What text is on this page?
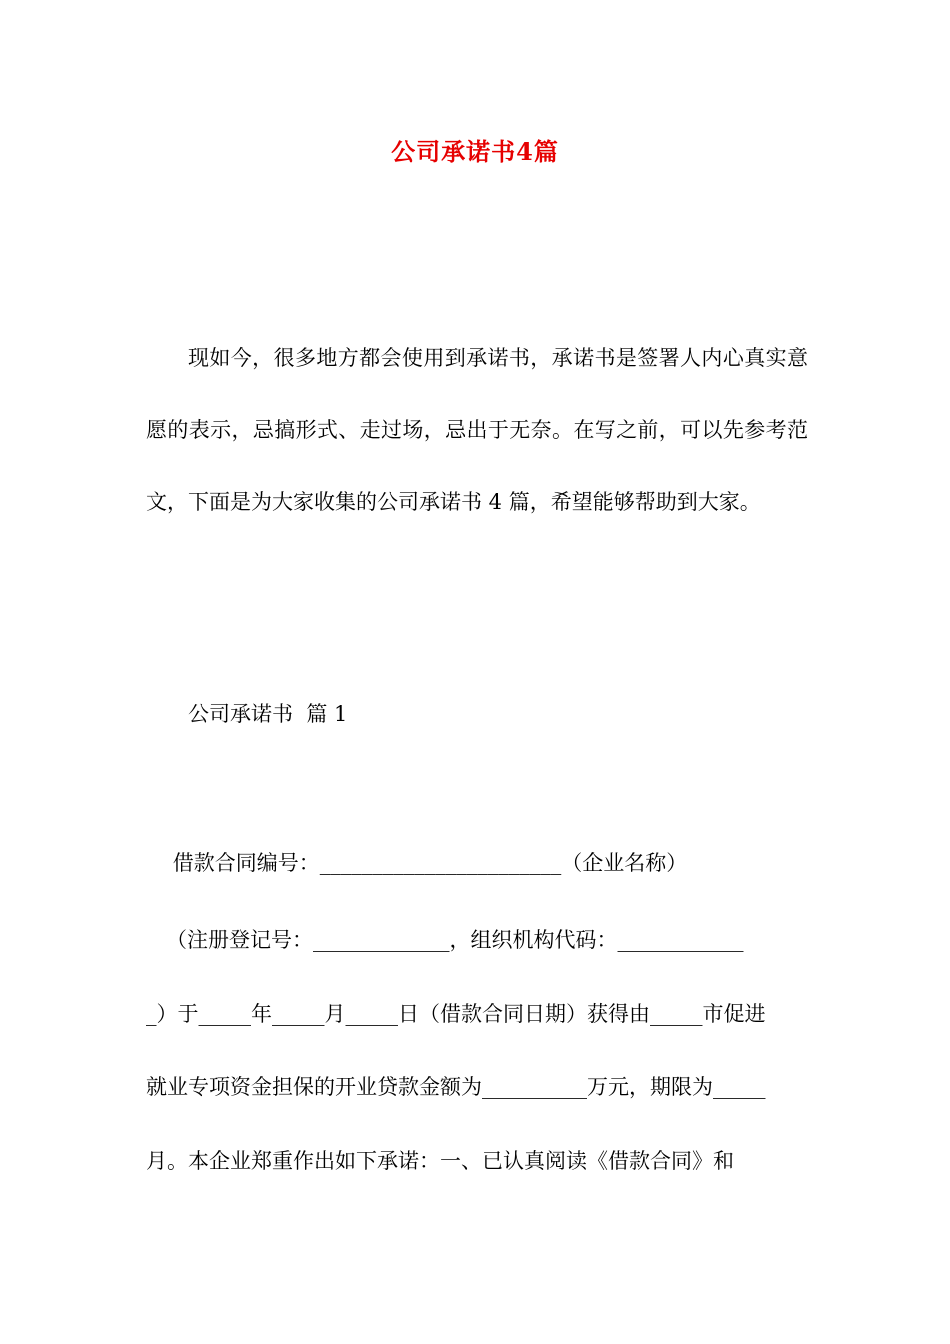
公司承诺书4篇
现如今，很多地方都会使用到承诺书，承诺书是签署人内心真实意愿的表示，忌搞形式、走过场，忌出于无奈。在写之前，可以先参考范文，下面是为大家收集的公司承诺书 4 篇，希望能够帮助到大家。
公司承诺书  篇 1
借款合同编号：_______________________（企业名称）
（注册登记号：_____________，组织机构代码：____________
_）于_____年_____月_____日（借款合同日期）获得由_____市促进
就业专项资金担保的开业贷款金额为__________万元，期限为_____
月。本企业郑重作出如下承诺：一、已认真阅读《借款合同》和
